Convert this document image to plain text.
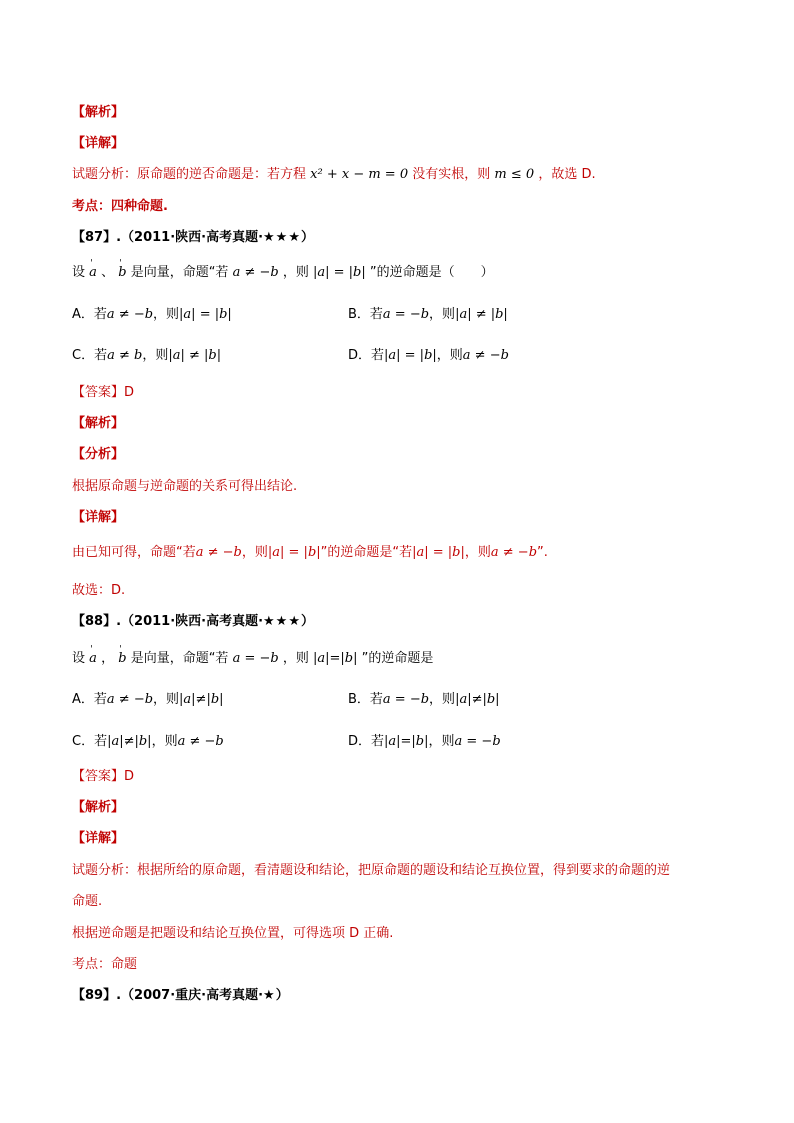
【解析】
【详解】
试题分析：原命题的逆否命题是：若方程 x² + x − m = 0 没有实根，则 m ≤ 0 ，故选 D.
考点：四种命题.
【87】.（2011·陕西·高考真题·★★★）
设 ' a 、 ' b 是向量，命题“若 a ≠ −b ，则 |a| = |b| ”的逆命题是（　　）
A．若a ≠ −b，则|a| = |b|	B．若a = −b，则|a| ≠ |b|
C．若a ≠ b，则|a| ≠ |b|	D．若|a| = |b|，则a ≠ −b
【答案】D
【解析】
【分析】
根据原命题与逆命题的关系可得出结论.
【详解】
由已知可得，命题“若a ≠ −b，则|a| = |b|”的逆命题是“若|a| = |b|，则a ≠ −b”.
故选：D.
【88】.（2011·陕西·高考真题·★★★）
设 ' a ， ' b 是向量，命题“若 a = −b ，则 |a|=|b| ”的逆命题是
A．若a ≠ −b，则|a|≠|b|	B．若a = −b，则|a|≠|b|
C．若|a|≠|b|，则a ≠ −b	D．若|a|=|b|，则a = −b
【答案】D
【解析】
【详解】
试题分析：根据所给的原命题，看清题设和结论，把原命题的题设和结论互换位置，得到要求的命题的逆
命题.
根据逆命题是把题设和结论互换位置，可得选项 D 正确.
考点：命题
【89】.（2007·重庆·高考真题·★）
